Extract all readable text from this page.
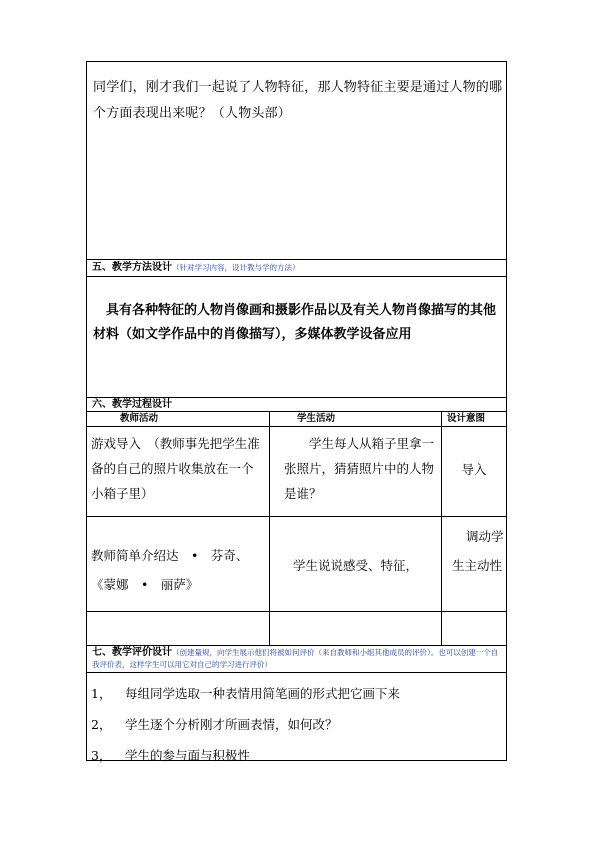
同学们，刚才我们一起说了人物特征，那人物特征主要是通过人物的哪个方面表现出来呢？（人物头部）
五、教学方法设计（针对学习内容，设计教与学的方法）
具有各种特征的人物肖像画和摄影作品以及有关人物肖像描写的其他材料（如文学作品中的肖像描写），多媒体教学设备应用
六、教学过程设计
教师活动	学生活动	设计意图
游戏导入　（教师事先把学生准备的自己的照片收集放在一个小箱子里）
学生每人从箱子里拿一张照片，猜猜照片中的人物是谁？
导入
教师简单介绍达　•　芬奇、《蒙娜　•　丽萨》
学生说说感受、特征，
调动学生主动性
七、教学评价设计（创建量规，向学生展示他们将被如何评价（来自教师和小组其他成员的评价）。也可以创建一个自我评价表，这样学生可以用它对自己的学习进行评价）
1， 每组同学选取一种表情用简笔画的形式把它画下来
2， 学生逐个分析刚才所画表情，如何改？
3， 学生的参与面与积极性
